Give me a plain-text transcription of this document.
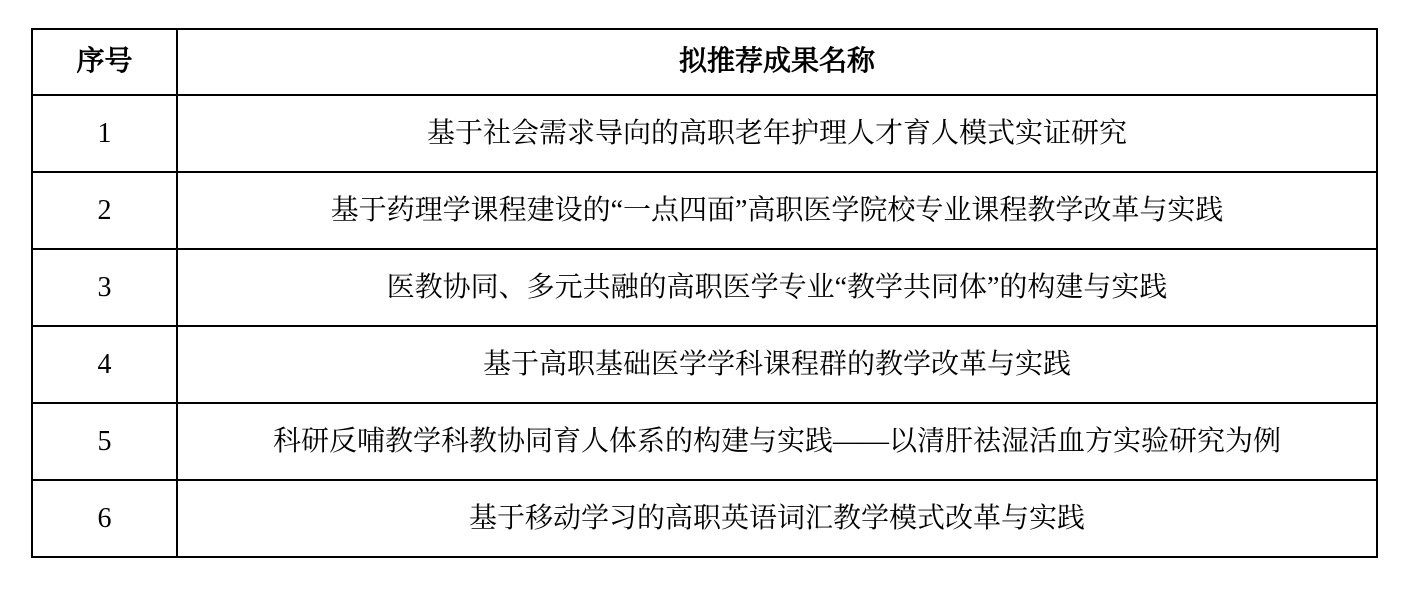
序号	拟推荐成果名称
1	基于社会需求导向的高职老年护理人才育人模式实证研究
2	基于药理学课程建设的“一点四面”高职医学院校专业课程教学改革与实践
3	医教协同、多元共融的高职医学专业“教学共同体”的构建与实践
4	基于高职基础医学学科课程群的教学改革与实践
5	科研反哺教学科教协同育人体系的构建与实践——以清肝祛湿活血方实验研究为例
6	基于移动学习的高职英语词汇教学模式改革与实践
